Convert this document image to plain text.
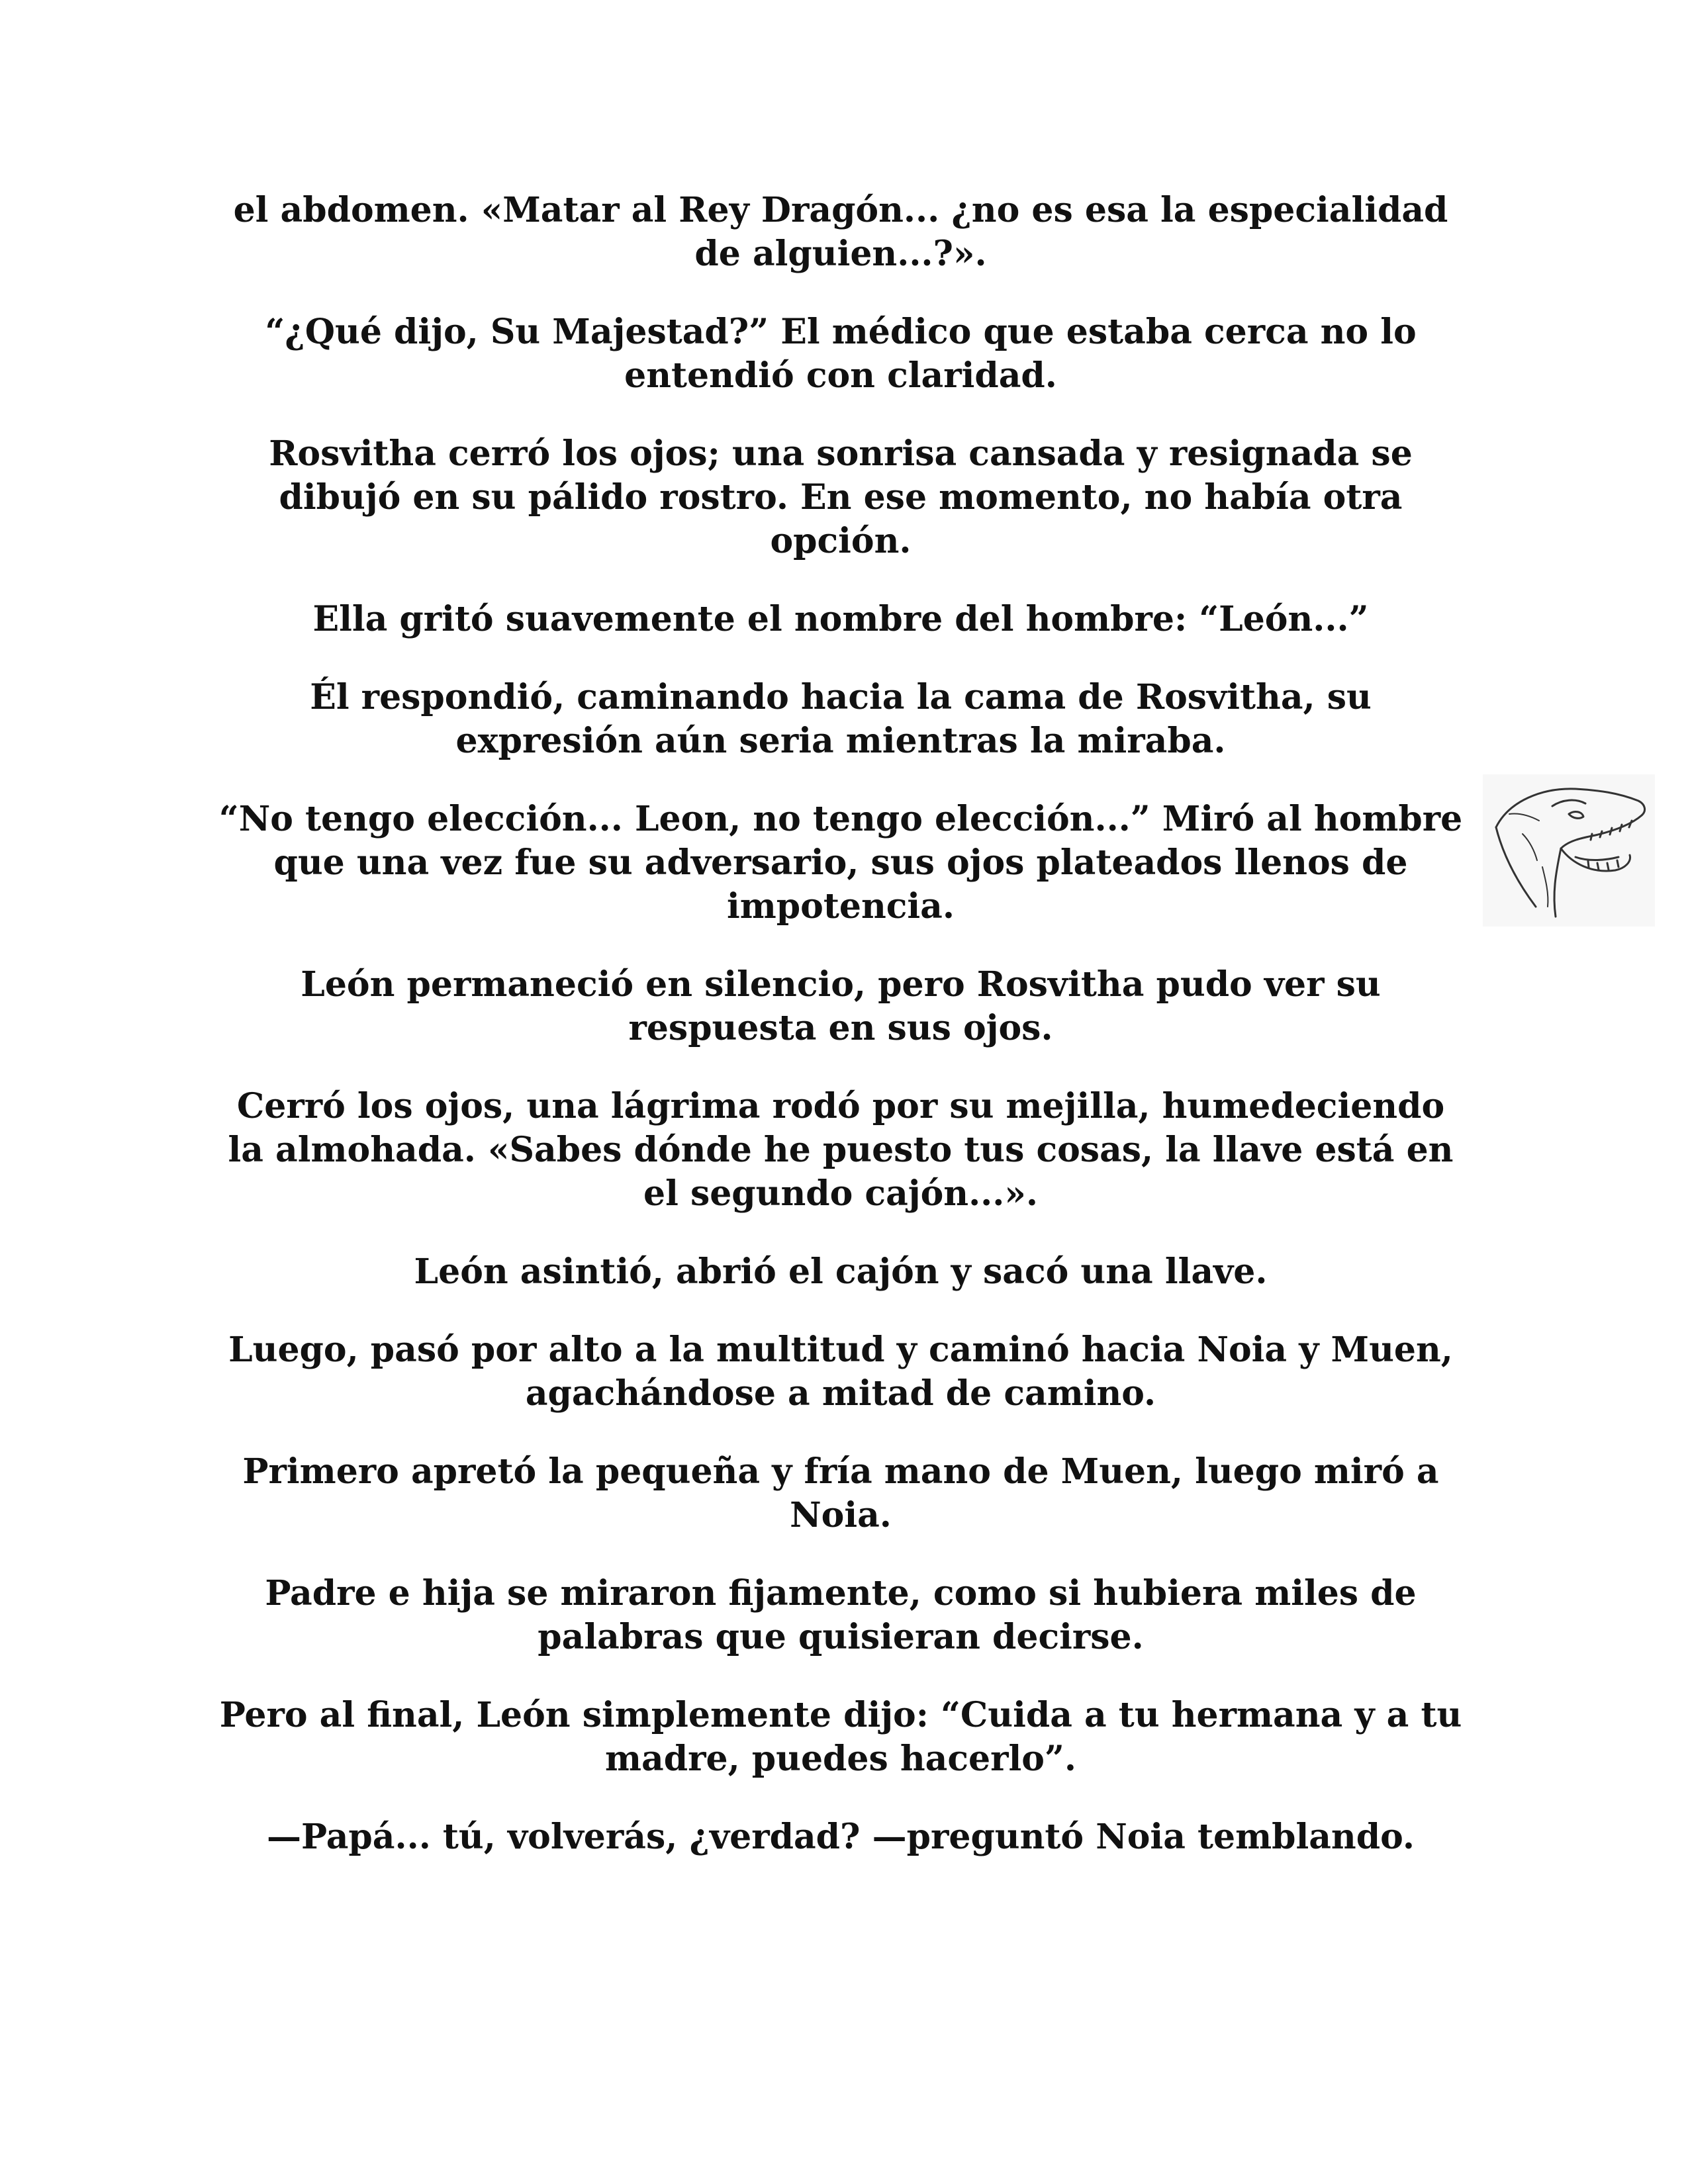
el abdomen. «Matar al Rey Dragón... ¿no es esa la especialidad de alguien...?».

“¿Qué dijo, Su Majestad?” El médico que estaba cerca no lo entendió con claridad.

Rosvitha cerró los ojos; una sonrisa cansada y resignada se dibujó en su pálido rostro. En ese momento, no había otra opción.

Ella gritó suavemente el nombre del hombre: “León...”

Él respondió, caminando hacia la cama de Rosvitha, su expresión aún seria mientras la miraba.

“No tengo elección... Leon, no tengo elección...” Miró al hombre que una vez fue su adversario, sus ojos plateados llenos de impotencia.

León permaneció en silencio, pero Rosvitha pudo ver su respuesta en sus ojos.

Cerró los ojos, una lágrima rodó por su mejilla, humedeciendo la almohada. «Sabes dónde he puesto tus cosas, la llave está en el segundo cajón...».

León asintió, abrió el cajón y sacó una llave.

Luego, pasó por alto a la multitud y caminó hacia Noia y Muen, agachándose a mitad de camino.

Primero apretó la pequeña y fría mano de Muen, luego miró a Noia.

Padre e hija se miraron fijamente, como si hubiera miles de palabras que quisieran decirse.

Pero al final, León simplemente dijo: “Cuida a tu hermana y a tu madre, puedes hacerlo”.

—Papá... tú, volverás, ¿verdad? —preguntó Noia temblando.
